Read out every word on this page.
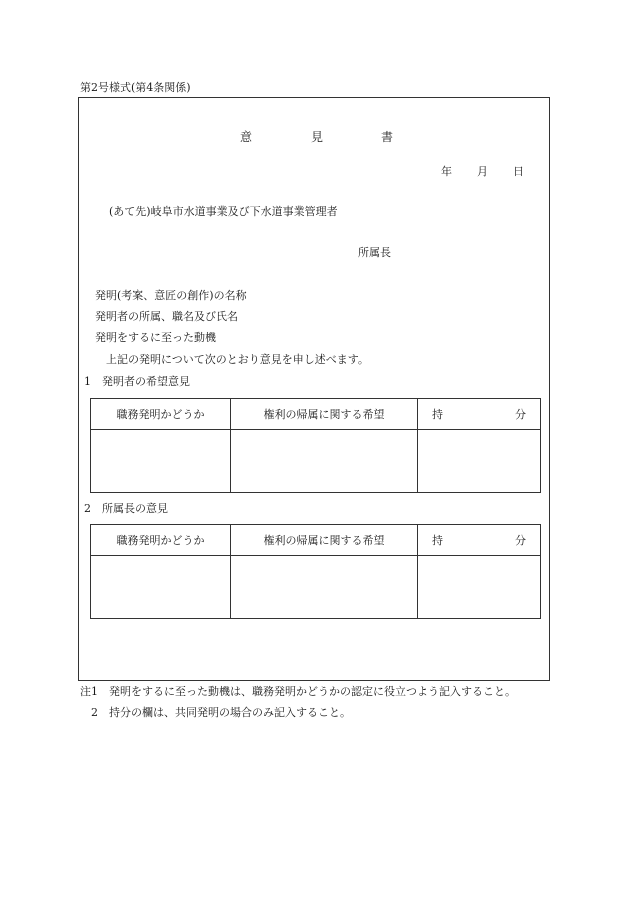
第2号様式(第4条関係)
意	見	書
年 月 日
(あて先)岐阜市水道事業及び下水道事業管理者
所属長
発明(考案、意匠の創作)の名称
発明者の所属、職名及び氏名
発明をするに至った動機
上記の発明について次のとおり意見を申し述べます。
1　発明者の希望意見
職務発明かどうか	権利の帰属に関する希望	持 分

2　所属長の意見
職務発明かどうか	権利の帰属に関する希望	持 分

注1　発明をするに至った動機は、職務発明かどうかの認定に役立つよう記入すること。
　2　持分の欄は、共同発明の場合のみ記入すること。
